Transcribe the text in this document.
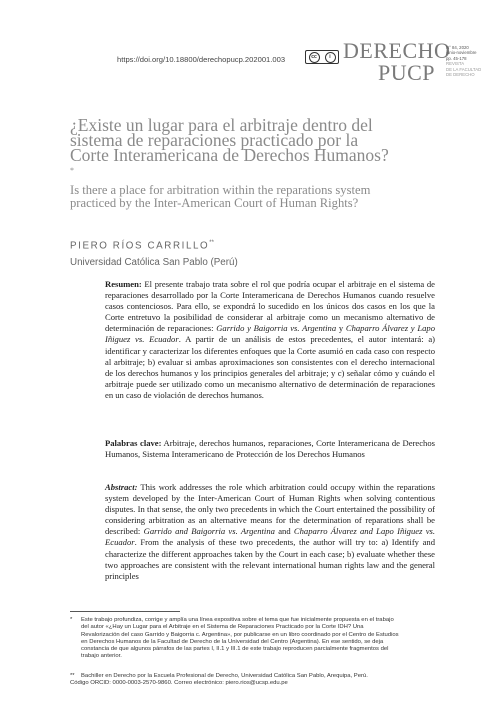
https://doi.org/10.18800/derechopucp.202001.003	cc	i DERECHO
PUCP
N° 84, 2020
junio-noviembre
pp. 45-178
REVISTA
DE LA FACULTAD
DE DERECHO
¿Existe un lugar para el arbitraje dentro del sistema de reparaciones practicado por la Corte Interamericana de Derechos Humanos?*
Is there a place for arbitration within the reparations system practiced by the Inter-American Court of Human Rights?
PIERO RÍOS CARRILLO**
Universidad Católica San Pablo (Perú)
Resumen: El presente trabajo trata sobre el rol que podría ocupar el arbitraje en el sistema de reparaciones desarrollado por la Corte Interamericana de Derechos Humanos cuando resuelve casos contenciosos. Para ello, se expondrá lo sucedido en los únicos dos casos en los que la Corte entretuvo la posibilidad de considerar al arbitraje como un mecanismo alternativo de determinación de reparaciones: Garrido y Baigorria vs. Argentina y Chaparro Álvarez y Lapo Iñiguez vs. Ecuador. A partir de un análisis de estos precedentes, el autor intentará: a) identificar y caracterizar los diferentes enfoques que la Corte asumió en cada caso con respecto al arbitraje; b) evaluar si ambas aproximaciones son consistentes con el derecho internacional de los derechos humanos y los principios generales del arbitraje; y c) señalar cómo y cuándo el arbitraje puede ser utilizado como un mecanismo alternativo de determinación de reparaciones en un caso de violación de derechos humanos.
Palabras clave: Arbitraje, derechos humanos, reparaciones, Corte Interamericana de Derechos Humanos, Sistema Interamericano de Protección de los Derechos Humanos
Abstract: This work addresses the role which arbitration could occupy within the reparations system developed by the Inter-American Court of Human Rights when solving contentious disputes. In that sense, the only two precedents in which the Court entertained the possibility of considering arbitration as an alternative means for the determination of reparations shall be described: Garrido and Baigorria vs. Argentina and Chaparro Álvarez and Lapo Iñiguez vs. Ecuador. From the analysis of these two precedents, the author will try to: a) Identify and characterize the different approaches taken by the Court in each case; b) evaluate whether these two approaches are consistent with the relevant international human rights law and the general principles
* Este trabajo profundiza, corrige y amplía una línea expositiva sobre el tema que fue inicialmente propuesta en el trabajo del autor «¿Hay un Lugar para el Arbitraje en el Sistema de Reparaciones Practicado por la Corte IDH? Una Revalorización del caso Garrido y Baigorria c. Argentina», por publicarse en un libro coordinado por el Centro de Estudios en Derechos Humanos de la Facultad de Derecho de la Universidad del Centro (Argentina). En ese sentido, se deja constancia de que algunos párrafos de las partes I, II.1 y III.1 de este trabajo reproducen parcialmente fragmentos del trabajo anterior.
** Bachiller en Derecho por la Escuela Profesional de Derecho, Universidad Católica San Pablo, Arequipa, Perú.
Código ORCID: 0000-0003-2570-9860. Correo electrónico: piero.rios@ucsp.edu.pe
